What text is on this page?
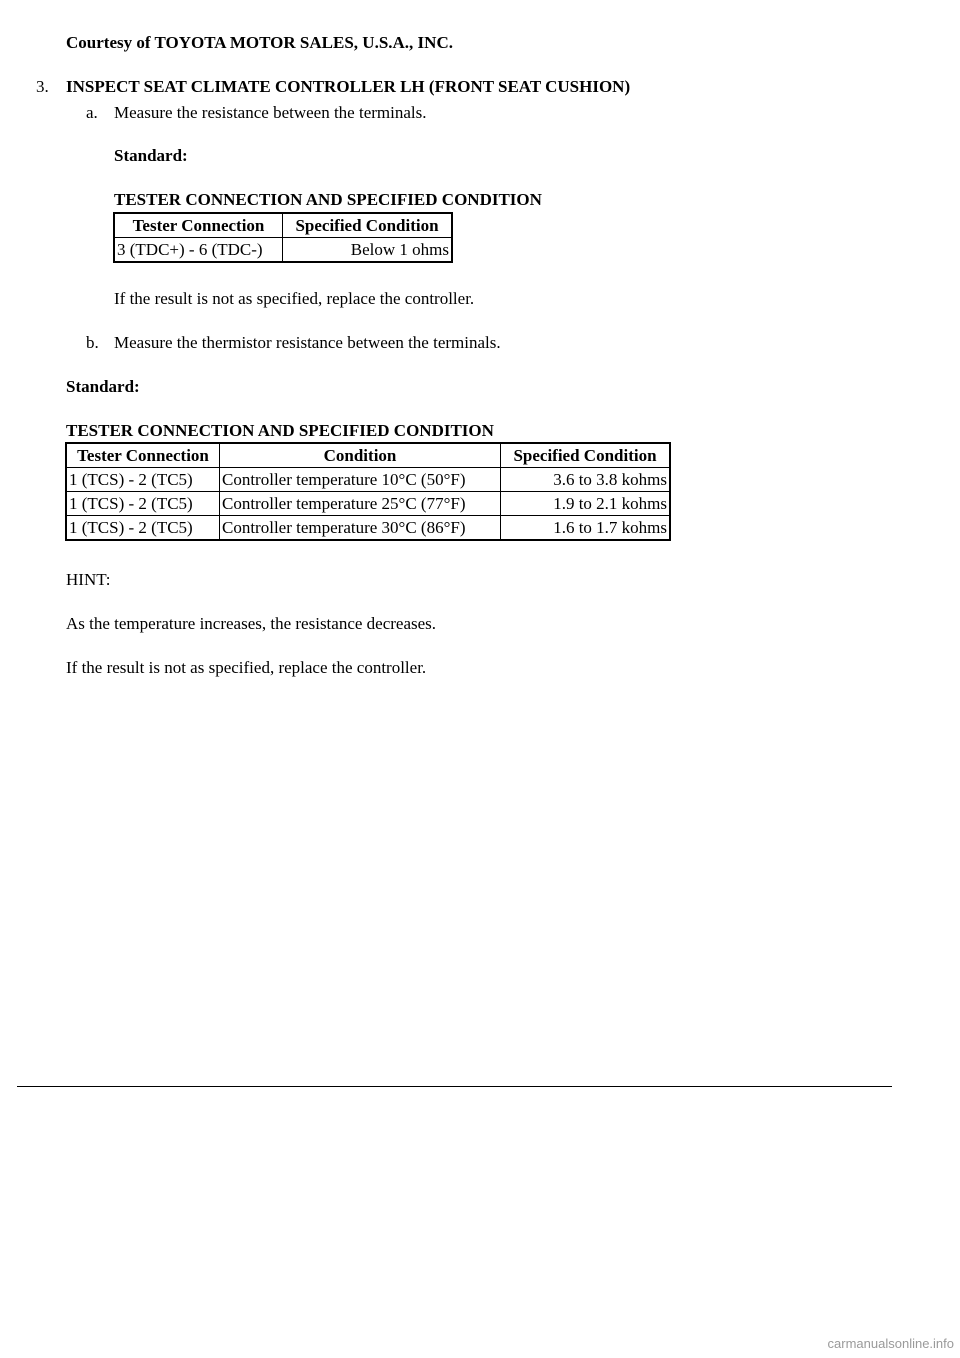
Courtesy of TOYOTA MOTOR SALES, U.S.A., INC.
3. INSPECT SEAT CLIMATE CONTROLLER LH (FRONT SEAT CUSHION)
a. Measure the resistance between the terminals.
Standard:
TESTER CONNECTION AND SPECIFIED CONDITION
Tester Connection	Specified Condition
3 (TDC+) - 6 (TDC-)	Below 1 ohms
If the result is not as specified, replace the controller.
b. Measure the thermistor resistance between the terminals.
Standard:
TESTER CONNECTION AND SPECIFIED CONDITION
Tester Connection	Condition	Specified Condition
1 (TCS) - 2 (TC5)	Controller temperature 10°C (50°F)	3.6 to 3.8 kohms
1 (TCS) - 2 (TC5)	Controller temperature 25°C (77°F)	1.9 to 2.1 kohms
1 (TCS) - 2 (TC5)	Controller temperature 30°C (86°F)	1.6 to 1.7 kohms
HINT:
As the temperature increases, the resistance decreases.
If the result is not as specified, replace the controller.
carmanualsonline.info
